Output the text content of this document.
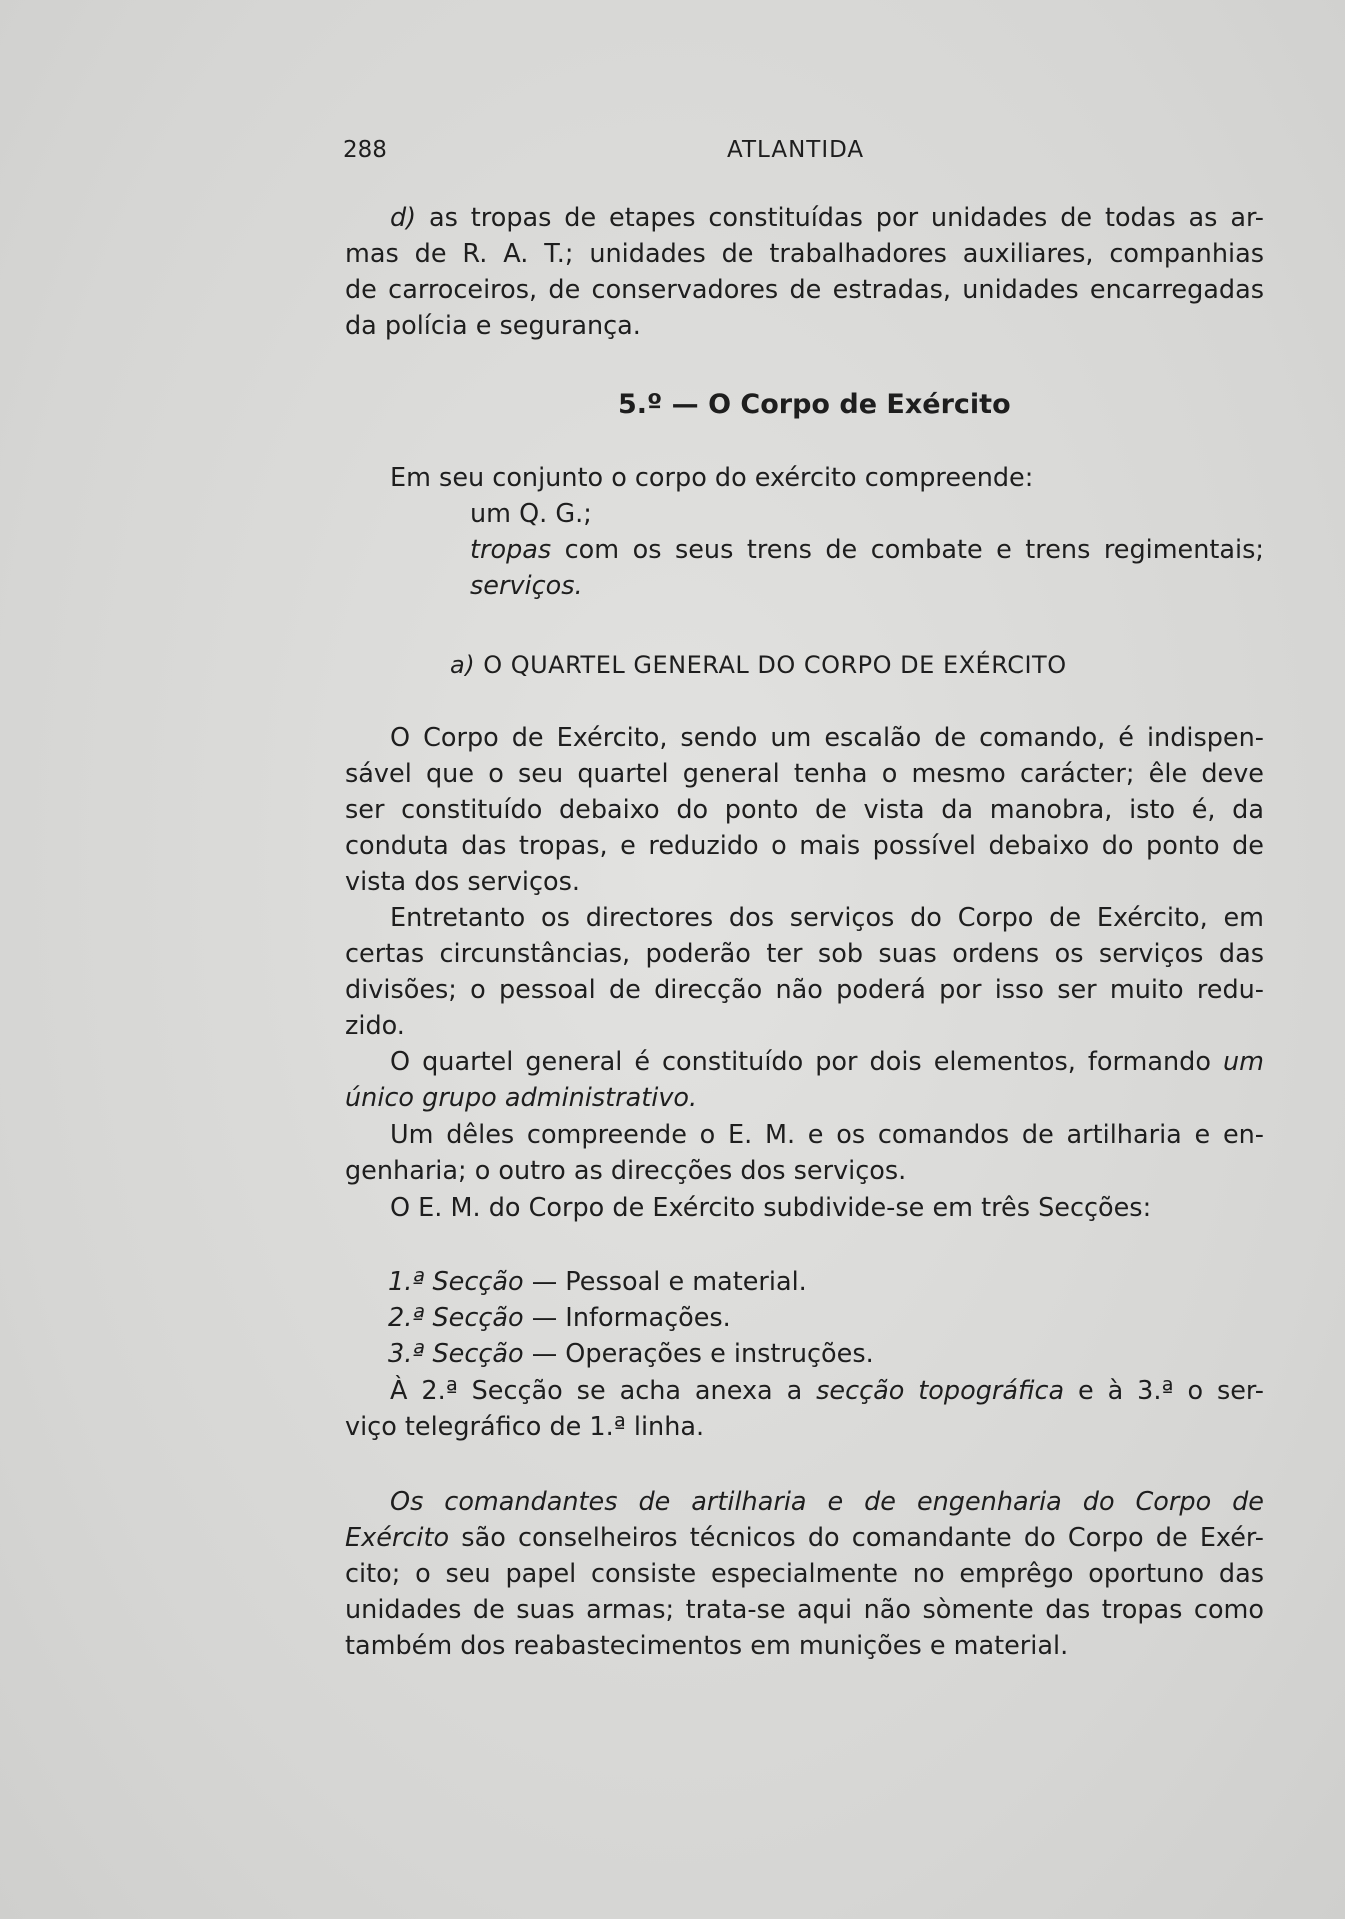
288	ATLANTIDA
d) as tropas de etapes constituídas por unidades de todas as ar-
mas de R. A. T.; unidades de trabalhadores auxiliares, companhias
de carroceiros, de conservadores de estradas, unidades encarregadas
da polícia e segurança.
5.º — O Corpo de Exército
Em seu conjunto o corpo do exército compreende:
um Q. G.;
tropas com os seus trens de combate e trens regimentais;
serviços.
a) O QUARTEL GENERAL DO CORPO DE EXÉRCITO
O Corpo de Exército, sendo um escalão de comando, é indispen-
sável que o seu quartel general tenha o mesmo carácter; êle deve
ser constituído debaixo do ponto de vista da manobra, isto é, da
conduta das tropas, e reduzido o mais possível debaixo do ponto de
vista dos serviços.
Entretanto os directores dos serviços do Corpo de Exército, em
certas circunstâncias, poderão ter sob suas ordens os serviços das
divisões; o pessoal de direcção não poderá por isso ser muito redu-
zido.
O quartel general é constituído por dois elementos, formando um
único grupo administrativo.
Um dêles compreende o E. M. e os comandos de artilharia e en-
genharia; o outro as direcções dos serviços.
O E. M. do Corpo de Exército subdivide-se em três Secções:
1.ª Secção — Pessoal e material.
2.ª Secção — Informações.
3.ª Secção — Operações e instruções.
À 2.ª Secção se acha anexa a secção topográfica e à 3.ª o ser-
viço telegráfico de 1.ª linha.
Os comandantes de artilharia e de engenharia do Corpo de
Exército são conselheiros técnicos do comandante do Corpo de Exér-
cito; o seu papel consiste especialmente no emprêgo oportuno das
unidades de suas armas; trata-se aqui não sòmente das tropas como
também dos reabastecimentos em munições e material.
